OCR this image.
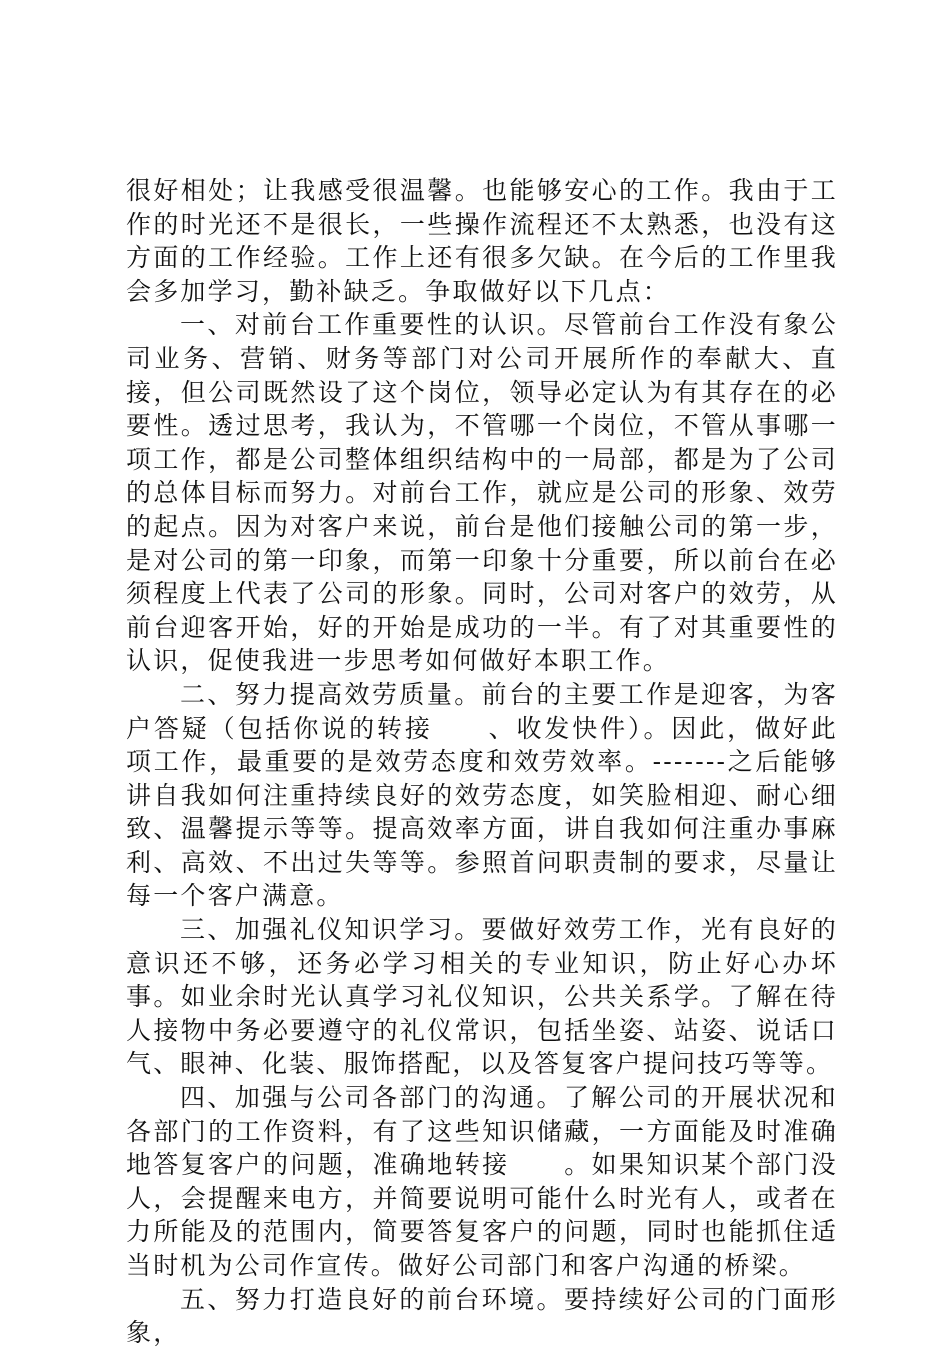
很好相处；让我感受很温馨。也能够安心的工作。我由于工作的时光还不是很长，一些操作流程还不太熟悉，也没有这方面的工作经验。工作上还有很多欠缺。在今后的工作里我会多加学习，勤补缺乏。争取做好以下几点：

一、对前台工作重要性的认识。尽管前台工作没有象公司业务、营销、财务等部门对公司开展所作的奉献大、直接，但公司既然设了这个岗位，领导必定认为有其存在的必要性。透过思考，我认为，不管哪一个岗位，不管从事哪一项工作，都是公司整体组织结构中的一局部，都是为了公司的总体目标而努力。对前台工作，就应是公司的形象、效劳的起点。因为对客户来说，前台是他们接触公司的第一步，是对公司的第一印象，而第一印象十分重要，所以前台在必须程度上代表了公司的形象。同时，公司对客户的效劳，从前台迎客开始，好的开始是成功的一半。有了对其重要性的认识，促使我进一步思考如何做好本职工作。

二、努力提高效劳质量。前台的主要工作是迎客，为客户答疑（包括你说的转接　　、收发快件）。因此，做好此项工作，最重要的是效劳态度和效劳效率。-------之后能够讲自我如何注重持续良好的效劳态度，如笑脸相迎、耐心细致、温馨提示等等。提高效率方面，讲自我如何注重办事麻利、高效、不出过失等等。参照首问职责制的要求，尽量让每一个客户满意。

三、加强礼仪知识学习。要做好效劳工作，光有良好的意识还不够，还务必学习相关的专业知识，防止好心办坏事。如业余时光认真学习礼仪知识，公共关系学。了解在待人接物中务必要遵守的礼仪常识，包括坐姿、站姿、说话口气、眼神、化装、服饰搭配，以及答复客户提问技巧等等。

四、加强与公司各部门的沟通。了解公司的开展状况和各部门的工作资料，有了这些知识储藏，一方面能及时准确地答复客户的问题，准确地转接　　。如果知识某个部门没人，会提醒来电方，并简要说明可能什么时光有人，或者在力所能及的范围内，简要答复客户的问题，同时也能抓住适当时机为公司作宣传。做好公司部门和客户沟通的桥梁。

五、努力打造良好的前台环境。要持续好公司的门面形象，
